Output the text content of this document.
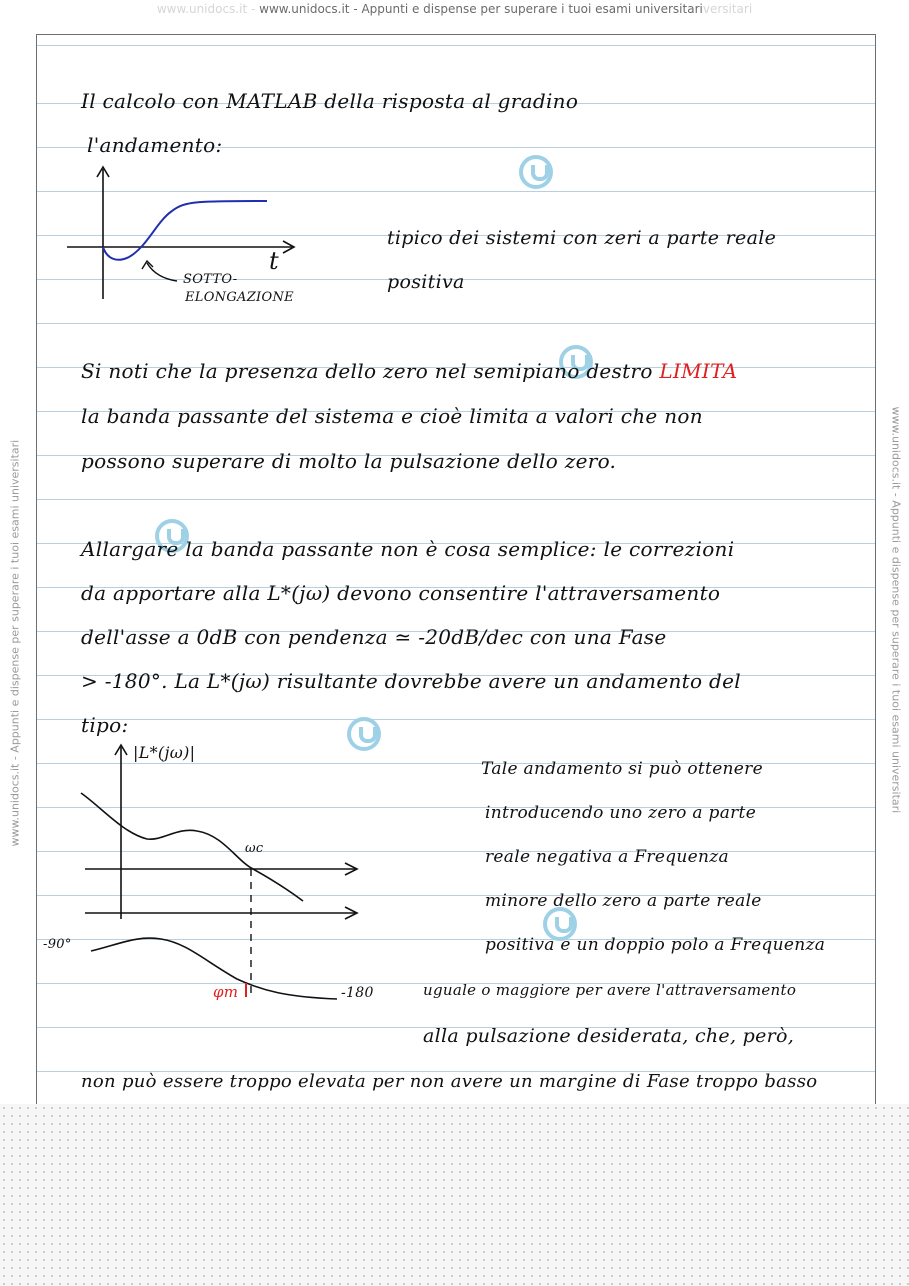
www.unidocs.it - www.unidocs.it - Appunti e dispense per superare i tuoi esami universitariversitari
www.unidocs.it - Appunti e dispense per superare i tuoi esami universitari	www.unidocs.it - Appunti e dispense per superare i tuoi esami universitari
Il calcolo con MATLAB della risposta al gradino
l'andamento:
t
SOTTO-
ELONGAZIONE
tipico dei sistemi con zeri a parte reale
positiva
Si noti che la presenza dello zero nel semipiano destro LIMITA
la banda passante del sistema e cioè limita a valori che non
possono superare di molto la pulsazione dello zero.
Allargare la banda passante non è cosa semplice: le correzioni
da apportare alla L*(jω) devono consentire l'attraversamento
dell'asse a 0dB con pendenza ≃ -20dB/dec con una Fase
> -180°. La L*(jω) risultante dovrebbe avere un andamento del
tipo:
|L*(jω)|
ωc
-90°
φm	-180
Tale andamento si può ottenere
introducendo uno zero a parte
reale negativa a Frequenza
minore dello zero a parte reale
positiva e un doppio polo a Frequenza
uguale o maggiore per avere l'attraversamento
alla pulsazione desiderata, che, però,
non può essere troppo elevata per non avere un margine di Fase troppo basso
